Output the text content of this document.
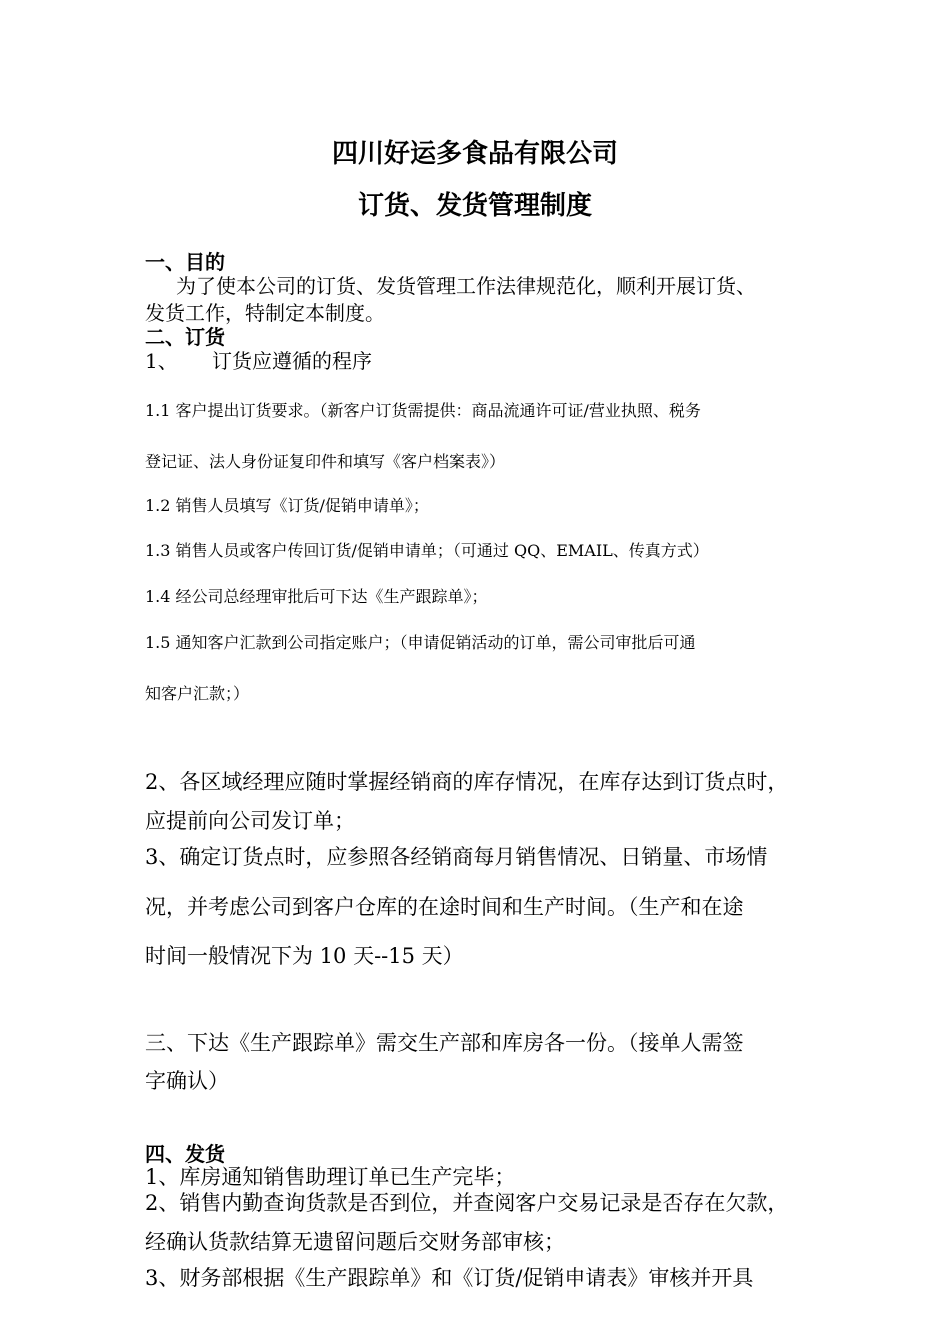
四川好运多食品有限公司
订货、发货管理制度
一、目的
为了使本公司的订货、发货管理工作法律规范化，顺利开展订货、
发货工作，特制定本制度。
二、订货
1、 订货应遵循的程序
1.1 客户提出订货要求。（新客户订货需提供：商品流通许可证/营业执照、税务
登记证、法人身份证复印件和填写《客户档案表》）
1.2 销售人员填写《订货/促销申请单》；
1.3 销售人员或客户传回订货/促销申请单；（可通过 QQ、EMAIL、传真方式）
1.4 经公司总经理审批后可下达《生产跟踪单》；
1.5 通知客户汇款到公司指定账户；（申请促销活动的订单，需公司审批后可通
知客户汇款；）
2、各区域经理应随时掌握经销商的库存情况，在库存达到订货点时，
应提前向公司发订单；
3、确定订货点时，应参照各经销商每月销售情况、日销量、市场情
况，并考虑公司到客户仓库的在途时间和生产时间。（生产和在途
时间一般情况下为 10 天--15 天）
三、下达《生产跟踪单》需交生产部和库房各一份。（接单人需签
字确认）
四、发货
1、库房通知销售助理订单已生产完毕；
2、销售内勤查询货款是否到位，并查阅客户交易记录是否存在欠款，
经确认货款结算无遗留问题后交财务部审核；
3、财务部根据《生产跟踪单》和《订货/促销申请表》审核并开具
